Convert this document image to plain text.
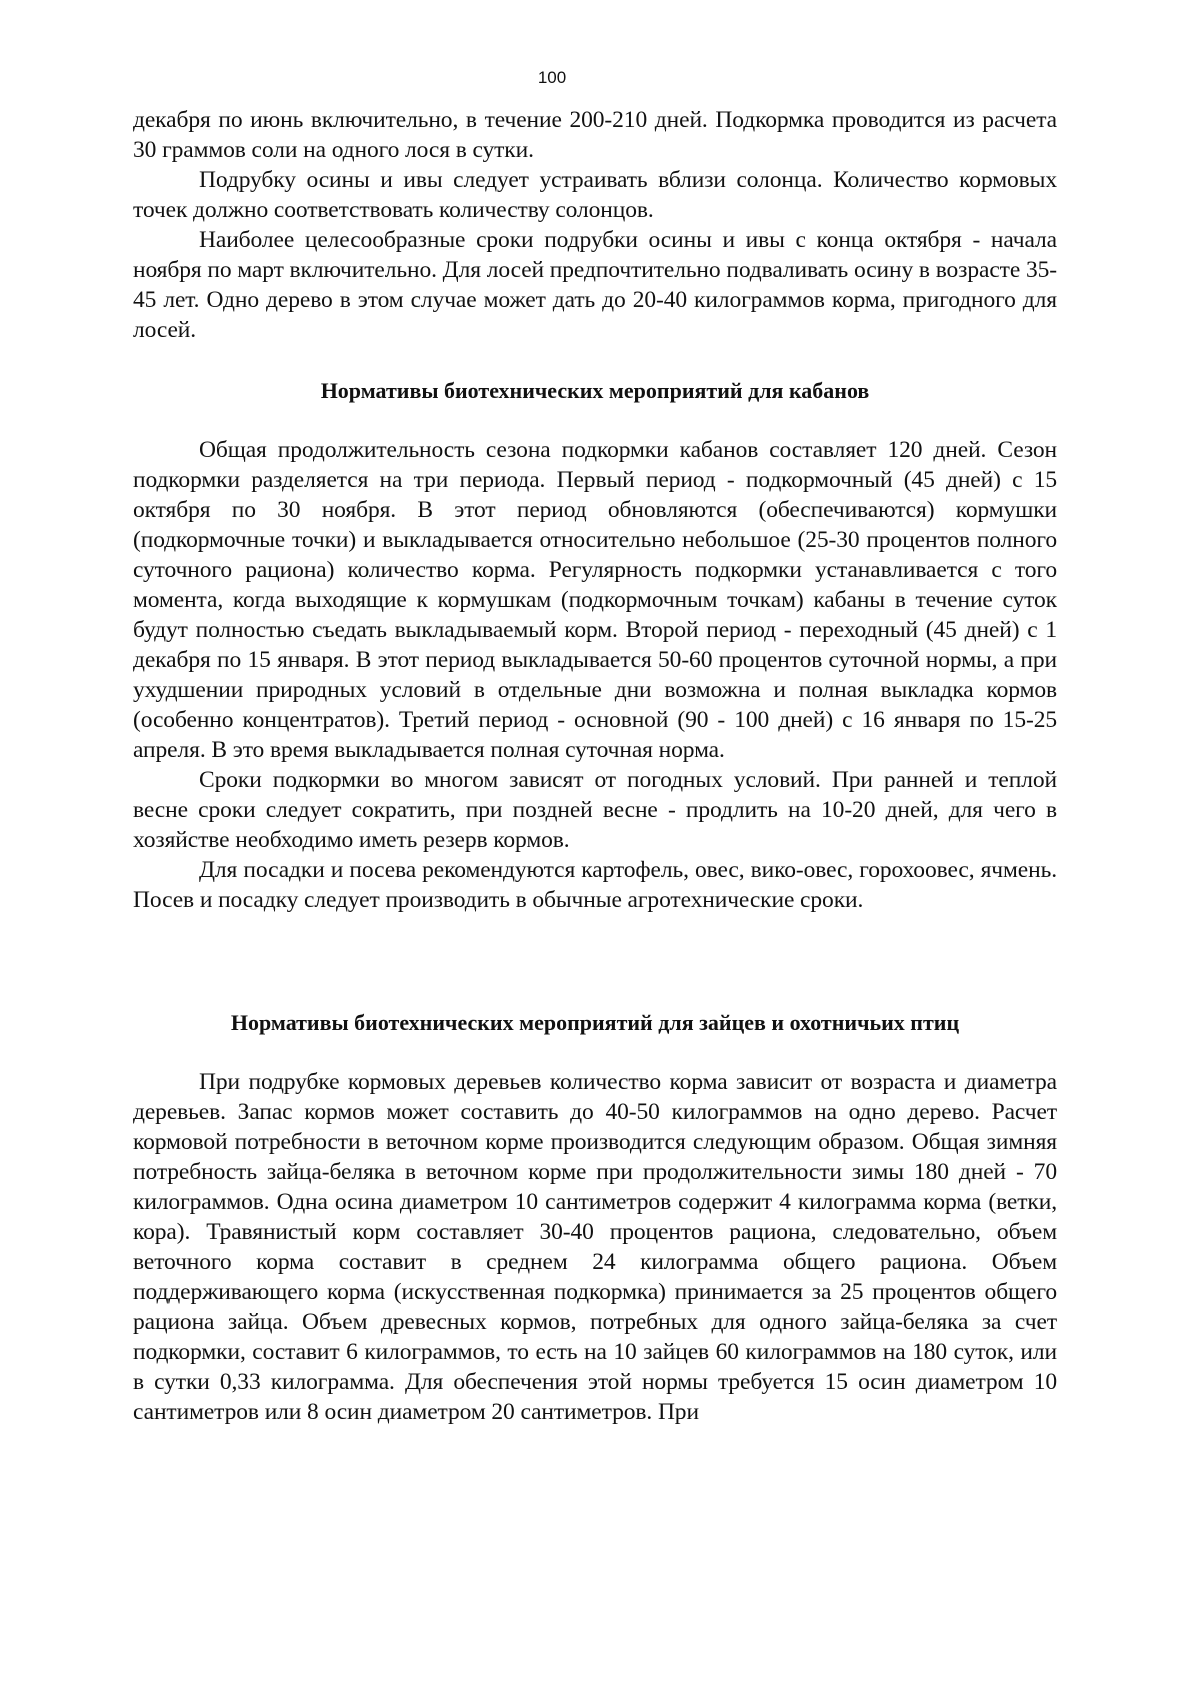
100

декабря по июнь включительно, в течение 200-210 дней. Подкормка проводится из расчета 30 граммов соли на одного лося в сутки.

Подрубку осины и ивы следует устраивать вблизи солонца. Количество кормовых точек должно соответствовать количеству солонцов.

Наиболее целесообразные сроки подрубки осины и ивы с конца октября - начала ноября по март включительно. Для лосей предпочтительно подваливать осину в возрасте 35-45 лет. Одно дерево в этом случае может дать до 20-40 килограммов корма, пригодного для лосей.

Нормативы биотехнических мероприятий для кабанов

Общая продолжительность сезона подкормки кабанов составляет 120 дней. Сезон подкормки разделяется на три периода. Первый период - подкормочный (45 дней) с 15 октября по 30 ноября. В этот период обновляются (обеспечиваются) кормушки (подкормочные точки) и выкладывается относительно небольшое (25-30 процентов полного суточного рациона) количество корма. Регулярность подкормки устанавливается с того момента, когда выходящие к кормушкам (подкормочным точкам) кабаны в течение суток будут полностью съедать выкладываемый корм. Второй период - переходный (45 дней) с 1 декабря по 15 января. В этот период выкладывается 50-60 процентов суточной нормы, а при ухудшении природных условий в отдельные дни возможна и полная выкладка кормов (особенно концентратов). Третий период - основной (90 - 100 дней) с 16 января по 15-25 апреля. В это время выкладывается полная суточная норма.

Сроки подкормки во многом зависят от погодных условий. При ранней и теплой весне сроки следует сократить, при поздней весне - продлить на 10-20 дней, для чего в хозяйстве необходимо иметь резерв кормов.

Для посадки и посева рекомендуются картофель, овес, вико-овес, горохоовес, ячмень. Посев и посадку следует производить в обычные агротехнические сроки.

Нормативы биотехнических мероприятий для зайцев и охотничьих птиц

При подрубке кормовых деревьев количество корма зависит от возраста и диаметра деревьев. Запас кормов может составить до 40-50 килограммов на одно дерево. Расчет кормовой потребности в веточном корме производится следующим образом. Общая зимняя потребность зайца-беляка в веточном корме при продолжительности зимы 180 дней - 70 килограммов. Одна осина диаметром 10 сантиметров содержит 4 килограмма корма (ветки, кора). Травянистый корм составляет 30-40 процентов рациона, следовательно, объем веточного корма составит в среднем 24 килограмма общего рациона. Объем поддерживающего корма (искусственная подкормка) принимается за 25 процентов общего рациона зайца. Объем древесных кормов, потребных для одного зайца-беляка за счет подкормки, составит 6 килограммов, то есть на 10 зайцев 60 килограммов на 180 суток, или в сутки 0,33 килограмма. Для обеспечения этой нормы требуется 15 осин диаметром 10 сантиметров или 8 осин диаметром 20 сантиметров. При
